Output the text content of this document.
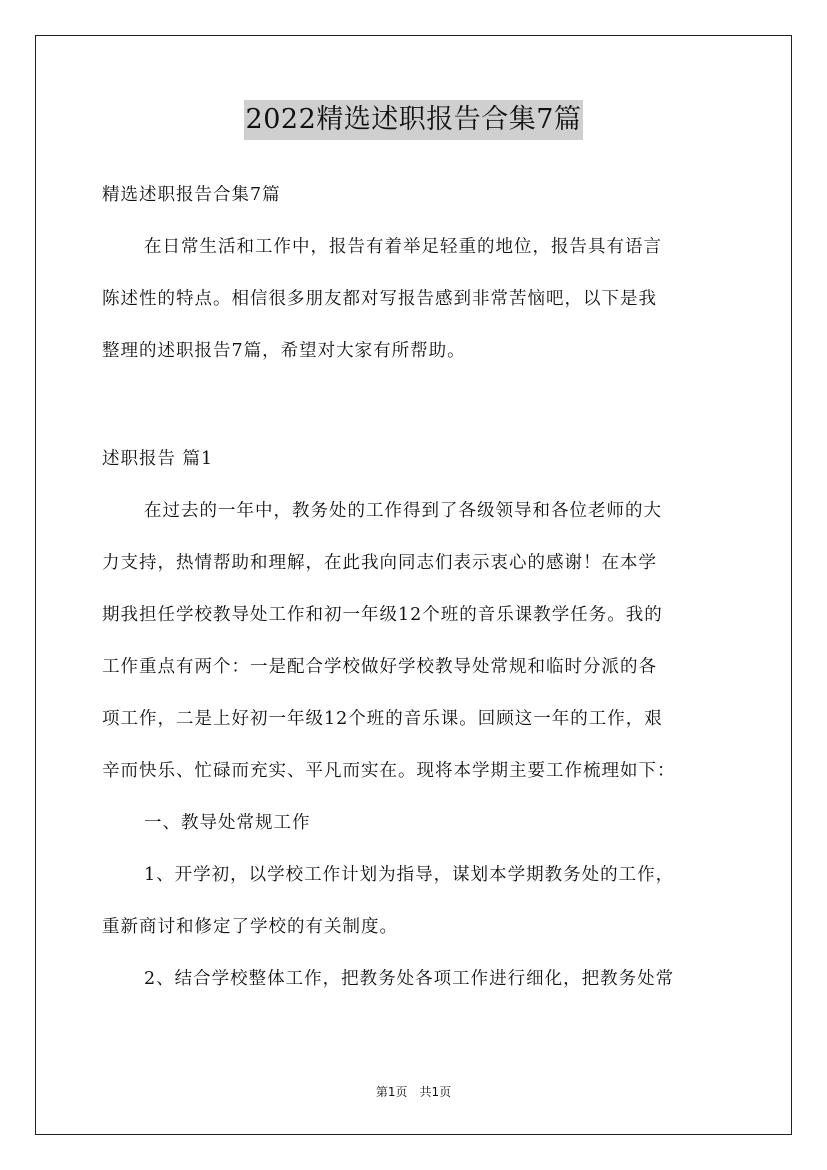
2022精选述职报告合集7篇
精选述职报告合集7篇
在日常生活和工作中，报告有着举足轻重的地位，报告具有语言
陈述性的特点。相信很多朋友都对写报告感到非常苦恼吧，以下是我
整理的述职报告7篇，希望对大家有所帮助。
述职报告 篇1
在过去的一年中，教务处的工作得到了各级领导和各位老师的大
力支持，热情帮助和理解，在此我向同志们表示衷心的感谢！在本学
期我担任学校教导处工作和初一年级12个班的音乐课教学任务。我的
工作重点有两个：一是配合学校做好学校教导处常规和临时分派的各
项工作，二是上好初一年级12个班的音乐课。回顾这一年的工作，艰
辛而快乐、忙碌而充实、平凡而实在。现将本学期主要工作梳理如下：
一、教导处常规工作
1、开学初，以学校工作计划为指导，谋划本学期教务处的工作，
重新商讨和修定了学校的有关制度。
2、结合学校整体工作，把教务处各项工作进行细化，把教务处常
第1页　共1页
